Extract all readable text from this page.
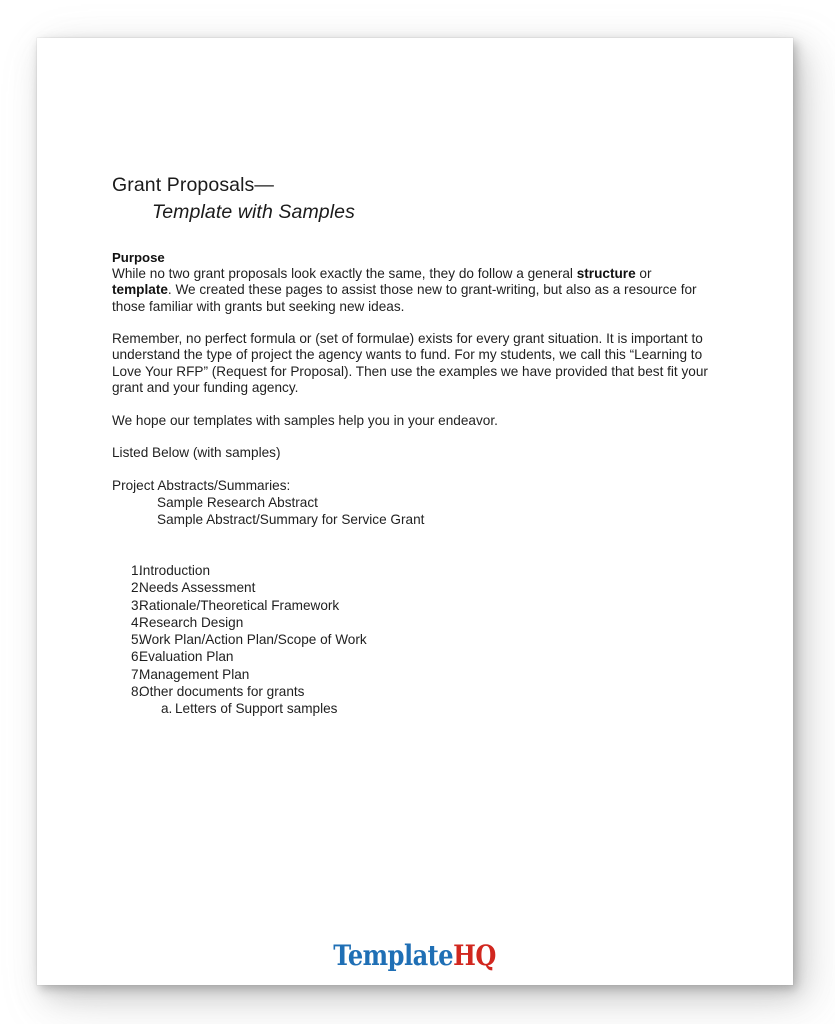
Grant Proposals—
Template with Samples
Purpose

While no two grant proposals look exactly the same, they do follow a general structure or template. We created these pages to assist those new to grant-writing, but also as a resource for those familiar with grants but seeking new ideas.

Remember, no perfect formula or (set of formulae) exists for every grant situation. It is important to understand the type of project the agency wants to fund. For my students, we call this “Learning to Love Your RFP” (Request for Proposal). Then use the examples we have provided that best fit your grant and your funding agency.

We hope our templates with samples help you in your endeavor.

Listed Below (with samples)

Project Abstracts/Summaries:

Sample Research Abstract
Sample Abstract/Summary for Service Grant
1.
Introduction
2.
Needs Assessment
3.
Rationale/Theoretical Framework
4.
Research Design
5.
Work Plan/Action Plan/Scope of Work
6.
Evaluation Plan
7.
Management Plan
8.
Other documents for grants
a. Letters of Support samples
TemplateHQ
